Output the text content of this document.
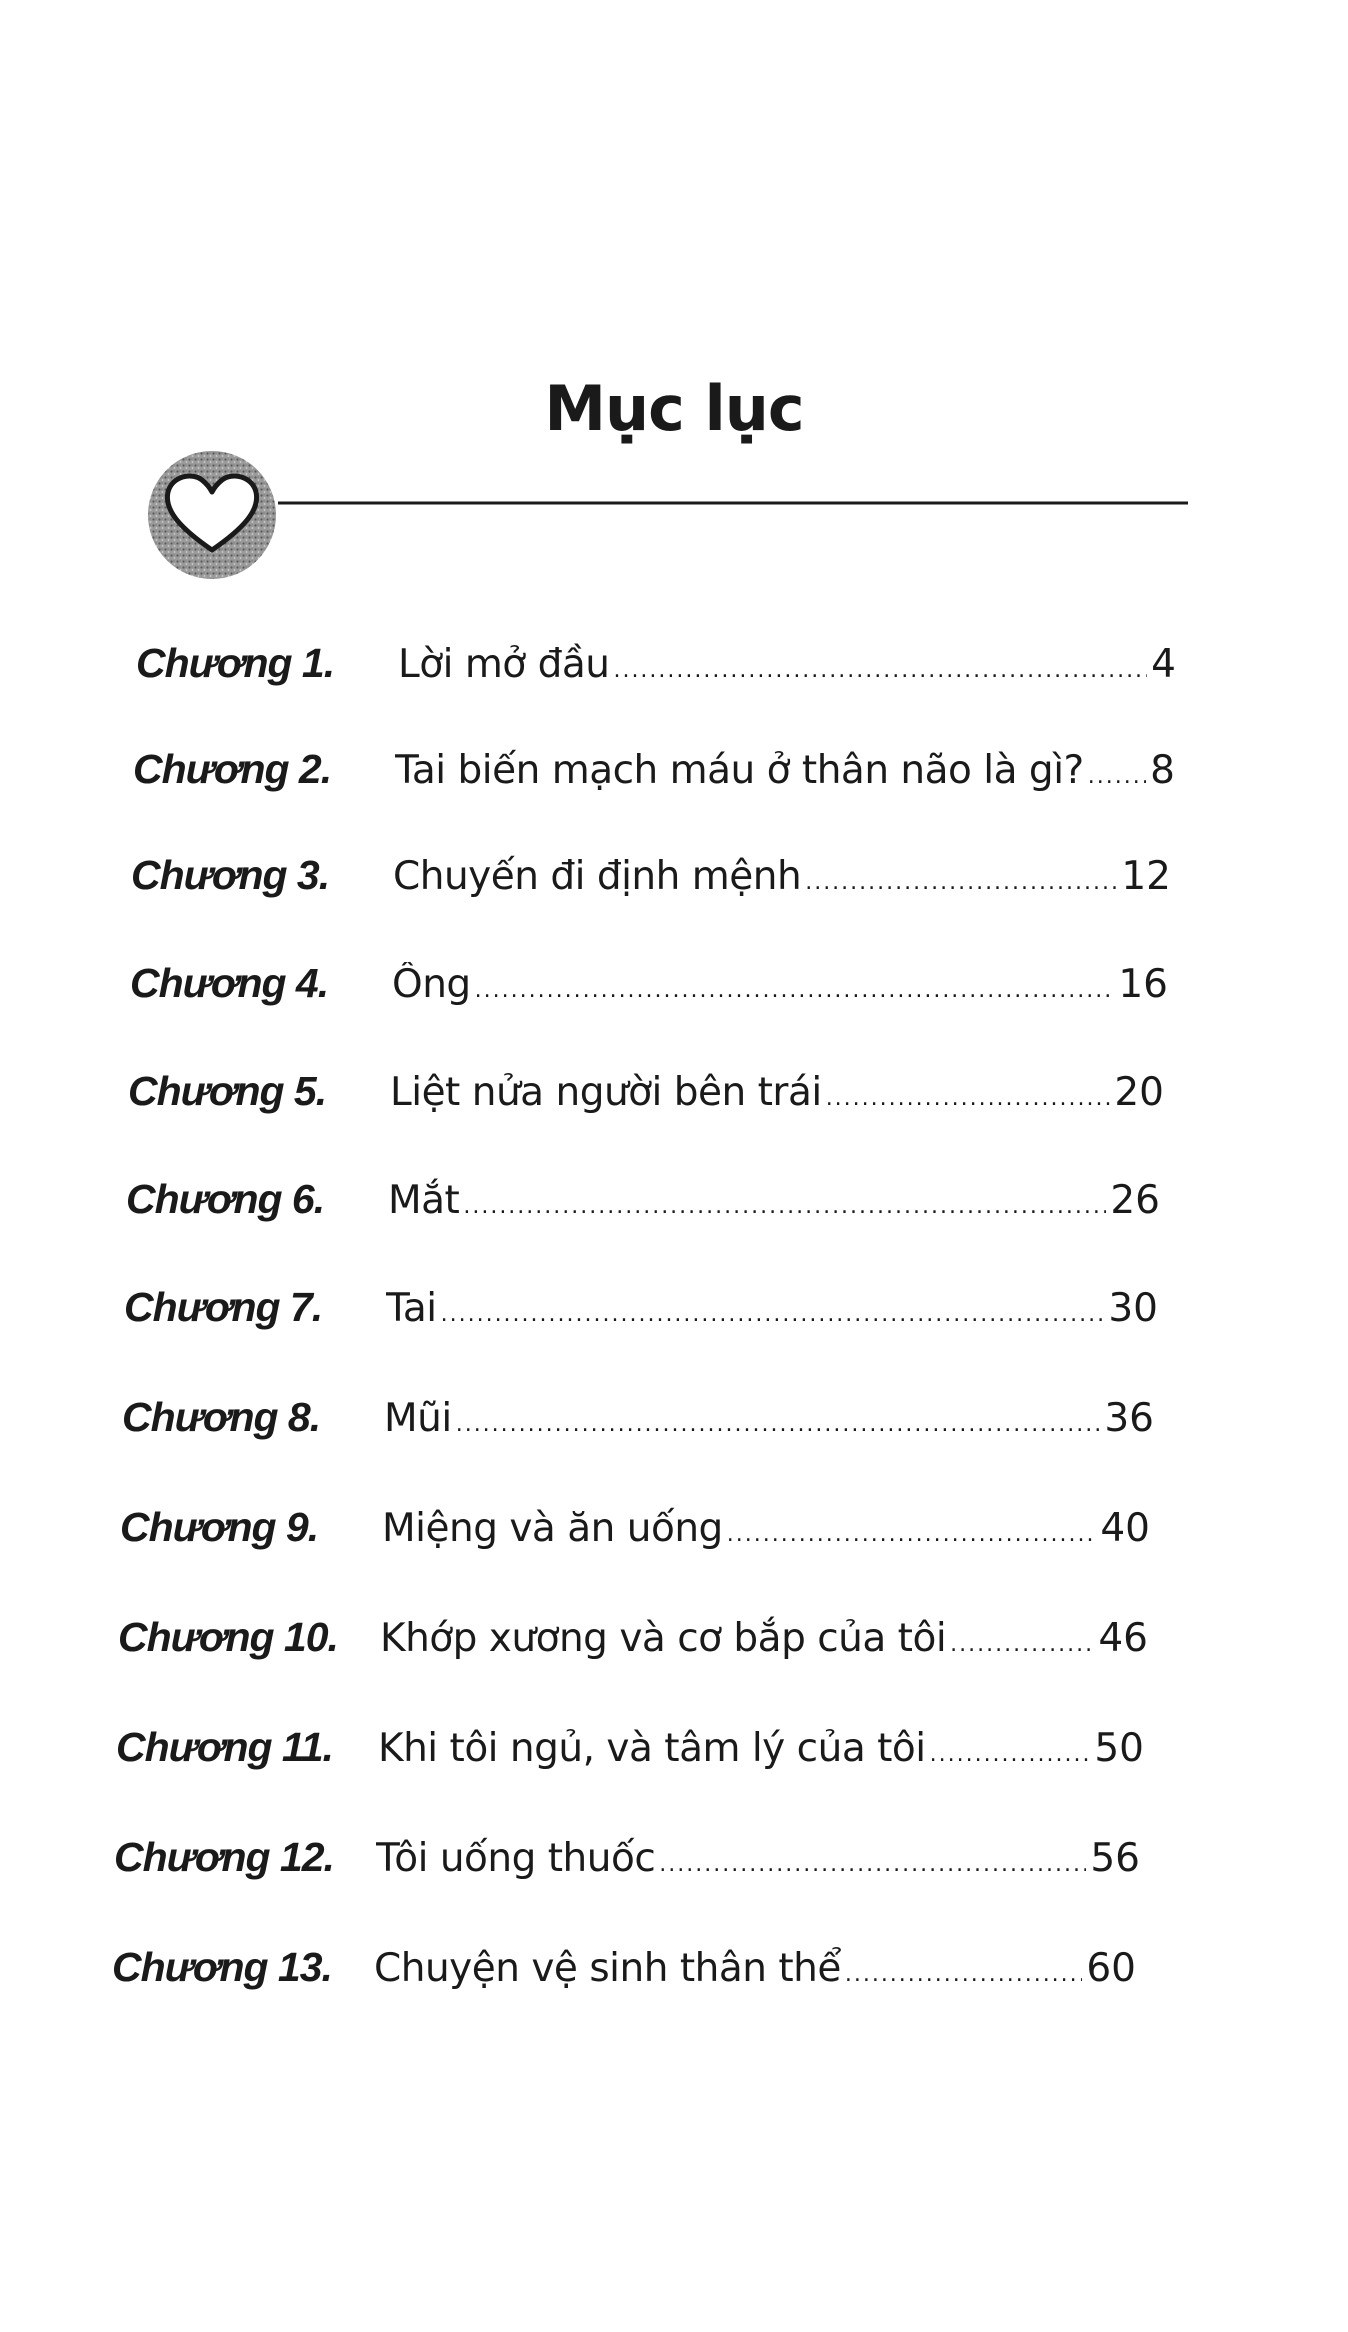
Mục lục
Chương 1.	Lời mở đầu .....	4
Chương 2.	Tai biến mạch máu ở thân não là gì? ..... 8
Chương 3.	Chuyến đi định mệnh .....	12
Chương 4.	Ống .....	16
Chương 5.	Liệt nửa người bên trái .....	20
Chương 6.	Mắt .....	26
Chương 7.	Tai .....	30
Chương 8.	Mũi .....	36
Chương 9.	Miệng và ăn uống .....	40
Chương 10.	Khớp xương và cơ bắp của tôi .....	46
Chương 11.	Khi tôi ngủ, và tâm lý của tôi .....	50
Chương 12.	Tôi uống thuốc .....	56
Chương 13.	Chuyện vệ sinh thân thể .....	60
